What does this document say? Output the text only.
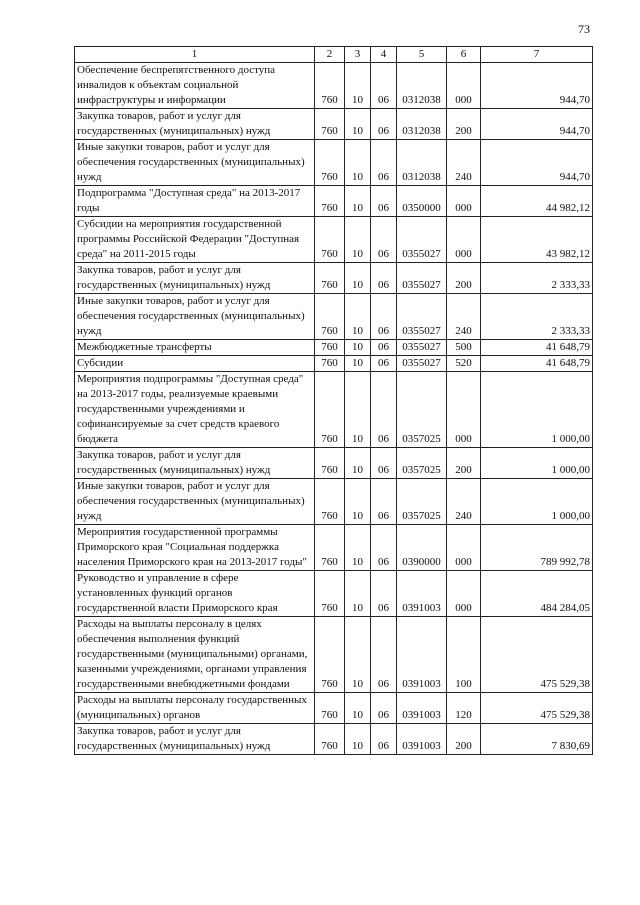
73
1	2	3	4	5	6	7
Обеспечение беспрепятственного доступа инвалидов к объектам социальной инфраструктуры и информации	760	10	06	0312038	000	944,70
Закупка товаров, работ и услуг для государственных (муниципальных) нужд	760	10	06	0312038	200	944,70
Иные закупки товаров, работ и услуг для обеспечения государственных (муниципальных) нужд	760	10	06	0312038	240	944,70
Подпрограмма "Доступная среда" на 2013-2017 годы	760	10	06	0350000	000	44 982,12
Субсидии на мероприятия государственной программы Российской Федерации "Доступная среда" на 2011-2015 годы	760	10	06	0355027	000	43 982,12
Закупка товаров, работ и услуг для государственных (муниципальных) нужд	760	10	06	0355027	200	2 333,33
Иные закупки товаров, работ и услуг для обеспечения государственных (муниципальных) нужд	760	10	06	0355027	240	2 333,33
Межбюджетные трансферты	760	10	06	0355027	500	41 648,79
Субсидии	760	10	06	0355027	520	41 648,79
Мероприятия подпрограммы "Доступная среда" на 2013-2017 годы, реализуемые краевыми государственными учреждениями и софинансируемые за счет средств краевого бюджета	760	10	06	0357025	000	1 000,00
Закупка товаров, работ и услуг для государственных (муниципальных) нужд	760	10	06	0357025	200	1 000,00
Иные закупки товаров, работ и услуг для обеспечения государственных (муниципальных) нужд	760	10	06	0357025	240	1 000,00
Мероприятия государственной программы Приморского края "Социальная поддержка населения Приморского края на 2013-2017 годы"	760	10	06	0390000	000	789 992,78
Руководство и управление в сфере установленных функций органов государственной власти Приморского края	760	10	06	0391003	000	484 284,05
Расходы на выплаты персоналу в целях обеспечения выполнения функций государственными (муниципальными) органами, казенными учреждениями, органами управления государственными внебюджетными фондами	760	10	06	0391003	100	475 529,38
Расходы на выплаты персоналу государственных (муниципальных) органов	760	10	06	0391003	120	475 529,38
Закупка товаров, работ и услуг для государственных (муниципальных) нужд	760	10	06	0391003	200	7 830,69
